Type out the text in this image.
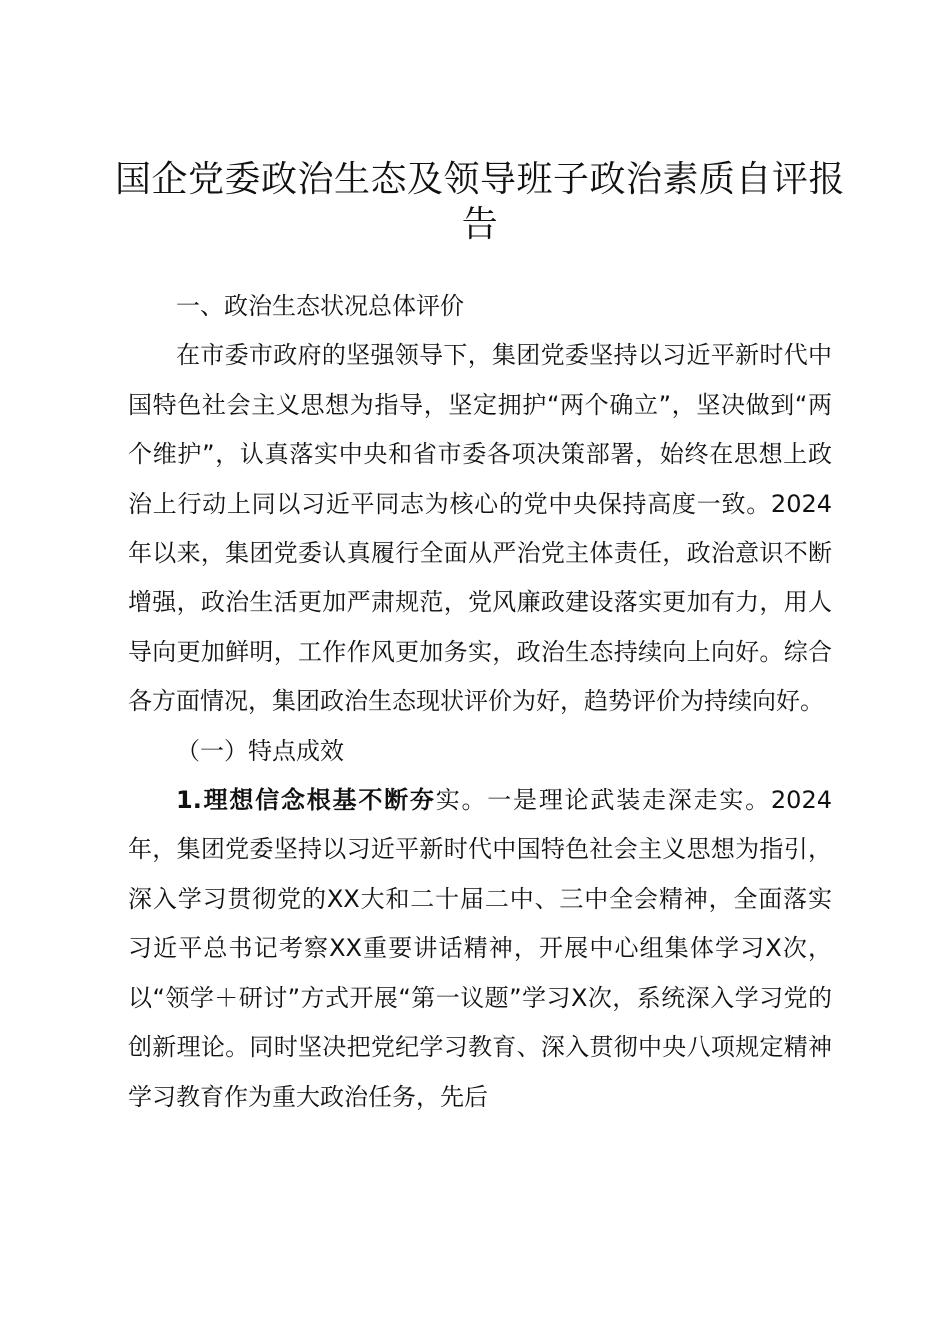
国企党委政治生态及领导班子政治素质自评报告

一、政治生态状况总体评价

在市委市政府的坚强领导下，集团党委坚持以习近平新时代中国特色社会主义思想为指导，坚定拥护“两个确立”，坚决做到“两个维护”，认真落实中央和省市委各项决策部署，始终在思想上政治上行动上同以习近平同志为核心的党中央保持高度一致。2024年以来，集团党委认真履行全面从严治党主体责任，政治意识不断增强，政治生活更加严肃规范，党风廉政建设落实更加有力，用人导向更加鲜明，工作作风更加务实，政治生态持续向上向好。综合各方面情况，集团政治生态现状评价为好，趋势评价为持续向好。

（一）特点成效

1.理想信念根基不断夯实。一是理论武装走深走实。2024年，集团党委坚持以习近平新时代中国特色社会主义思想为指引，深入学习贯彻党的XX大和二十届二中、三中全会精神，全面落实习近平总书记考察XX重要讲话精神，开展中心组集体学习X次，以“领学＋研讨”方式开展“第一议题”学习X次，系统深入学习党的创新理论。同时坚决把党纪学习教育、深入贯彻中央八项规定精神学习教育作为重大政治任务，先后
